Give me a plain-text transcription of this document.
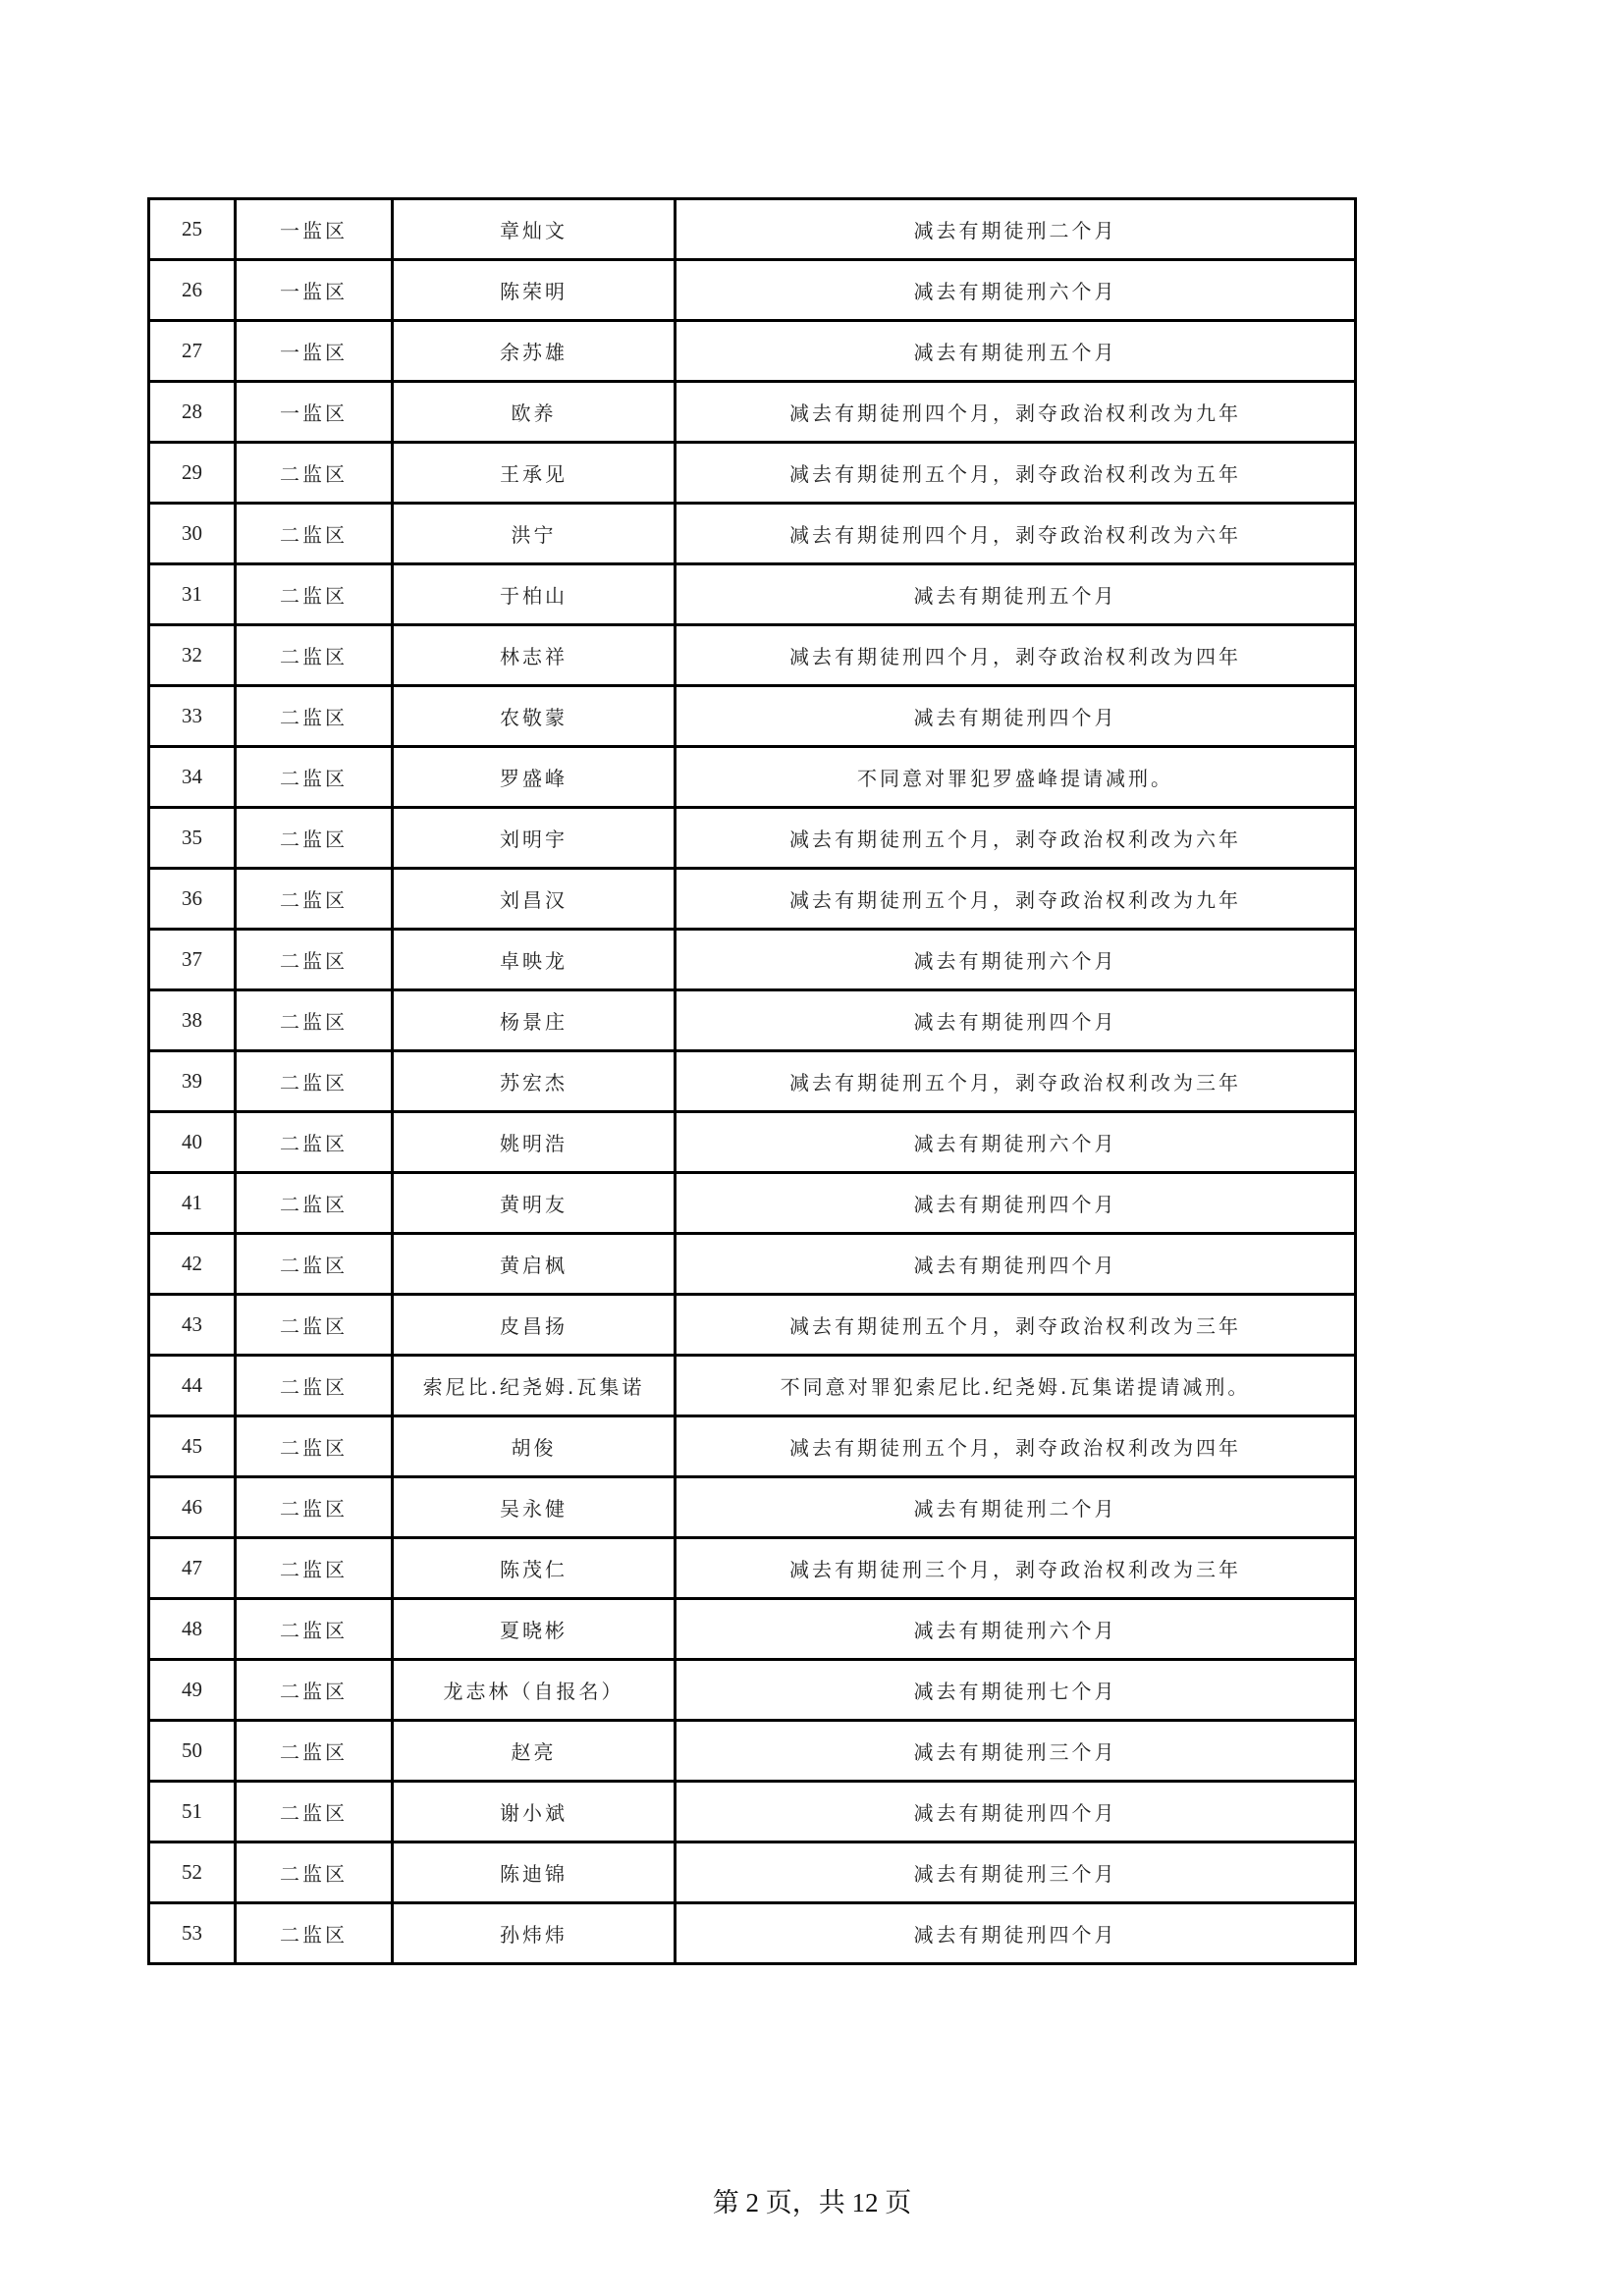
25	一监区	章灿文	减去有期徒刑二个月
26	一监区	陈荣明	减去有期徒刑六个月
27	一监区	余苏雄	减去有期徒刑五个月
28	一监区	欧养	减去有期徒刑四个月，剥夺政治权利改为九年
29	二监区	王承见	减去有期徒刑五个月，剥夺政治权利改为五年
30	二监区	洪宁	减去有期徒刑四个月，剥夺政治权利改为六年
31	二监区	于柏山	减去有期徒刑五个月
32	二监区	林志祥	减去有期徒刑四个月，剥夺政治权利改为四年
33	二监区	农敬蒙	减去有期徒刑四个月
34	二监区	罗盛峰	不同意对罪犯罗盛峰提请减刑。
35	二监区	刘明宇	减去有期徒刑五个月，剥夺政治权利改为六年
36	二监区	刘昌汉	减去有期徒刑五个月，剥夺政治权利改为九年
37	二监区	卓映龙	减去有期徒刑六个月
38	二监区	杨景庄	减去有期徒刑四个月
39	二监区	苏宏杰	减去有期徒刑五个月，剥夺政治权利改为三年
40	二监区	姚明浩	减去有期徒刑六个月
41	二监区	黄明友	减去有期徒刑四个月
42	二监区	黄启枫	减去有期徒刑四个月
43	二监区	皮昌扬	减去有期徒刑五个月，剥夺政治权利改为三年
44	二监区	索尼比.纪尧姆.瓦集诺	不同意对罪犯索尼比.纪尧姆.瓦集诺提请减刑。
45	二监区	胡俊	减去有期徒刑五个月，剥夺政治权利改为四年
46	二监区	吴永健	减去有期徒刑二个月
47	二监区	陈茂仁	减去有期徒刑三个月，剥夺政治权利改为三年
48	二监区	夏晓彬	减去有期徒刑六个月
49	二监区	龙志林（自报名）	减去有期徒刑七个月
50	二监区	赵亮	减去有期徒刑三个月
51	二监区	谢小斌	减去有期徒刑四个月
52	二监区	陈迪锦	减去有期徒刑三个月
53	二监区	孙炜炜	减去有期徒刑四个月
第 2 页，共 12 页
